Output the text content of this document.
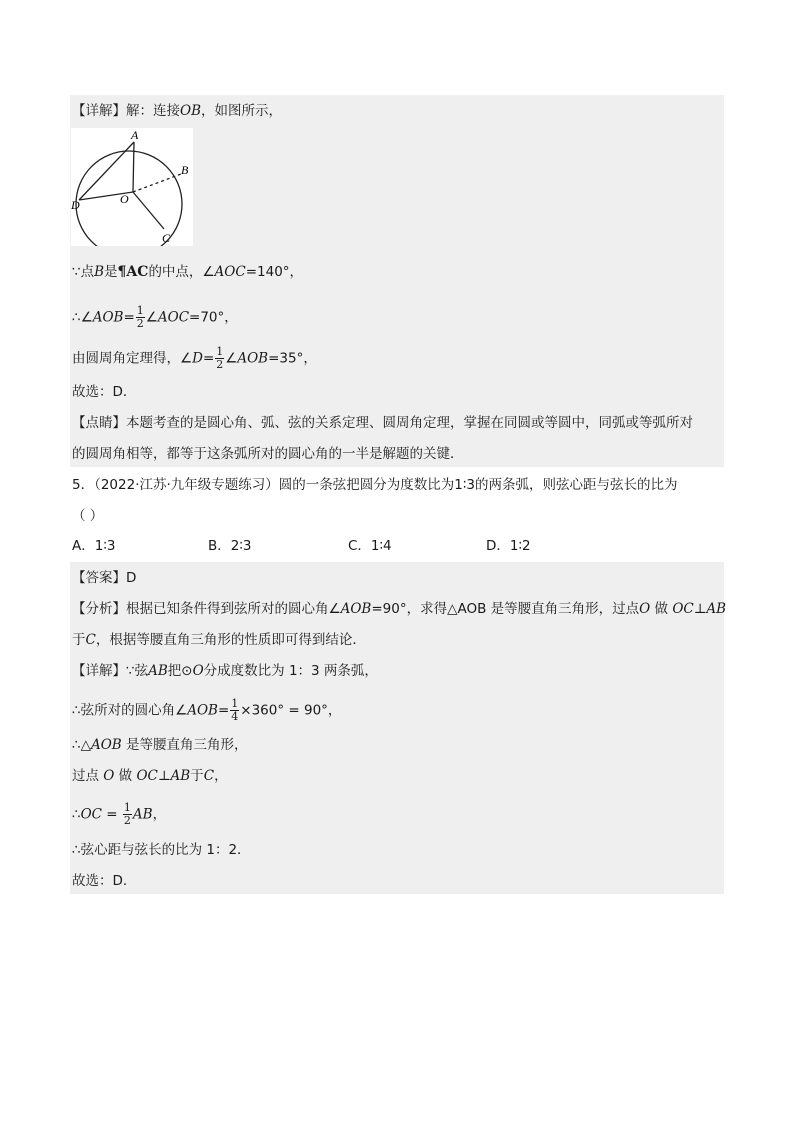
【详解】解：连接OB，如图所示，
A
B
O
D
C
∵点B是¶AC的中点，∠AOC=140°，
∴∠AOB= $\frac{1}{2}$ ∠AOC=70°，
由圆周角定理得，∠D= $\frac{1}{2}$ ∠AOB=35°，
故选：D．
【点睛】本题考查的是圆心角、弧、弦的关系定理、圆周角定理，掌握在同圆或等圆中，同弧或等弧所对
的圆周角相等，都等于这条弧所对的圆心角的一半是解题的关键．
5．（2022·江苏·九年级专题练习）圆的一条弦把圆分为度数比为1∶3的两条弧，则弦心距与弦长的比为
（ ）
A．1∶3	B．2∶3	C．1∶4	D．1∶2
【答案】D
【分析】根据已知条件得到弦所对的圆心角∠AOB=90°，求得△AOB 是等腰直角三角形，过点O 做 OC⊥AB
于C，根据等腰直角三角形的性质即可得到结论．
【详解】∵弦AB把⊙O分成度数比为 1：3 两条弧，
∴弦所对的圆心角∠AOB= $\frac{1}{4} \times 360^\circ = 90^\circ$，
∴△AOB 是等腰直角三角形，
过点 O 做 OC⊥AB于C，
∴OC = $\frac{1}{2}$ AB，
∴弦心距与弦长的比为 1：2．
故选：D．
